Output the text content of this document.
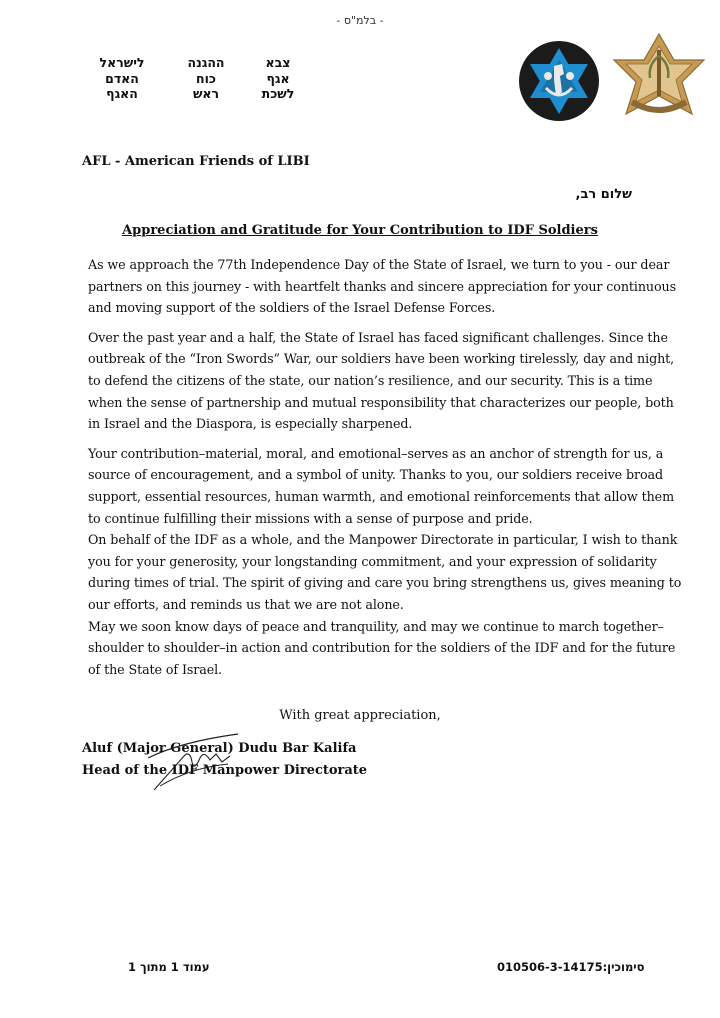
- בלמ"ס -
צבא
אגף
לשכת
ההגנה
כוח
ראש
לישראל
האדם
האגף
AFL - American Friends of LIBI
שלום רב,
Appreciation and Gratitude for Your Contribution to IDF Soldiers

As we approach the 77th Independence Day of the State of Israel, we turn to you - our dear partners on this journey - with heartfelt thanks and sincere appreciation for your continuous and moving support of the soldiers of the Israel Defense Forces.

Over the past year and a half, the State of Israel has faced significant challenges. Since the outbreak of the “Iron Swords” War, our soldiers have been working tirelessly, day and night, to defend the citizens of the state, our nation’s resilience, and our security. This is a time when the sense of partnership and mutual responsibility that characterizes our people, both in Israel and the Diaspora, is especially sharpened.

Your contribution–material, moral, and emotional–serves as an anchor of strength for us, a source of encouragement, and a symbol of unity. Thanks to you, our soldiers receive broad support, essential resources, human warmth, and emotional reinforcements that allow them to continue fulfilling their missions with a sense of purpose and pride.

On behalf of the IDF as a whole, and the Manpower Directorate in particular, I wish to thank you for your generosity, your longstanding commitment, and your expression of solidarity during times of trial. The spirit of giving and care you bring strengthens us, gives meaning to our efforts, and reminds us that we are not alone.

May we soon know days of peace and tranquility, and may we continue to march together–shoulder to shoulder–in action and contribution for the soldiers of the IDF and for the future of the State of Israel.

With great appreciation,
Aluf (Major General) Dudu Bar Kalifa
Head of the IDF Manpower Directorate
עמוד 1 מתוך 1	סימוכין:010506-3-14175
